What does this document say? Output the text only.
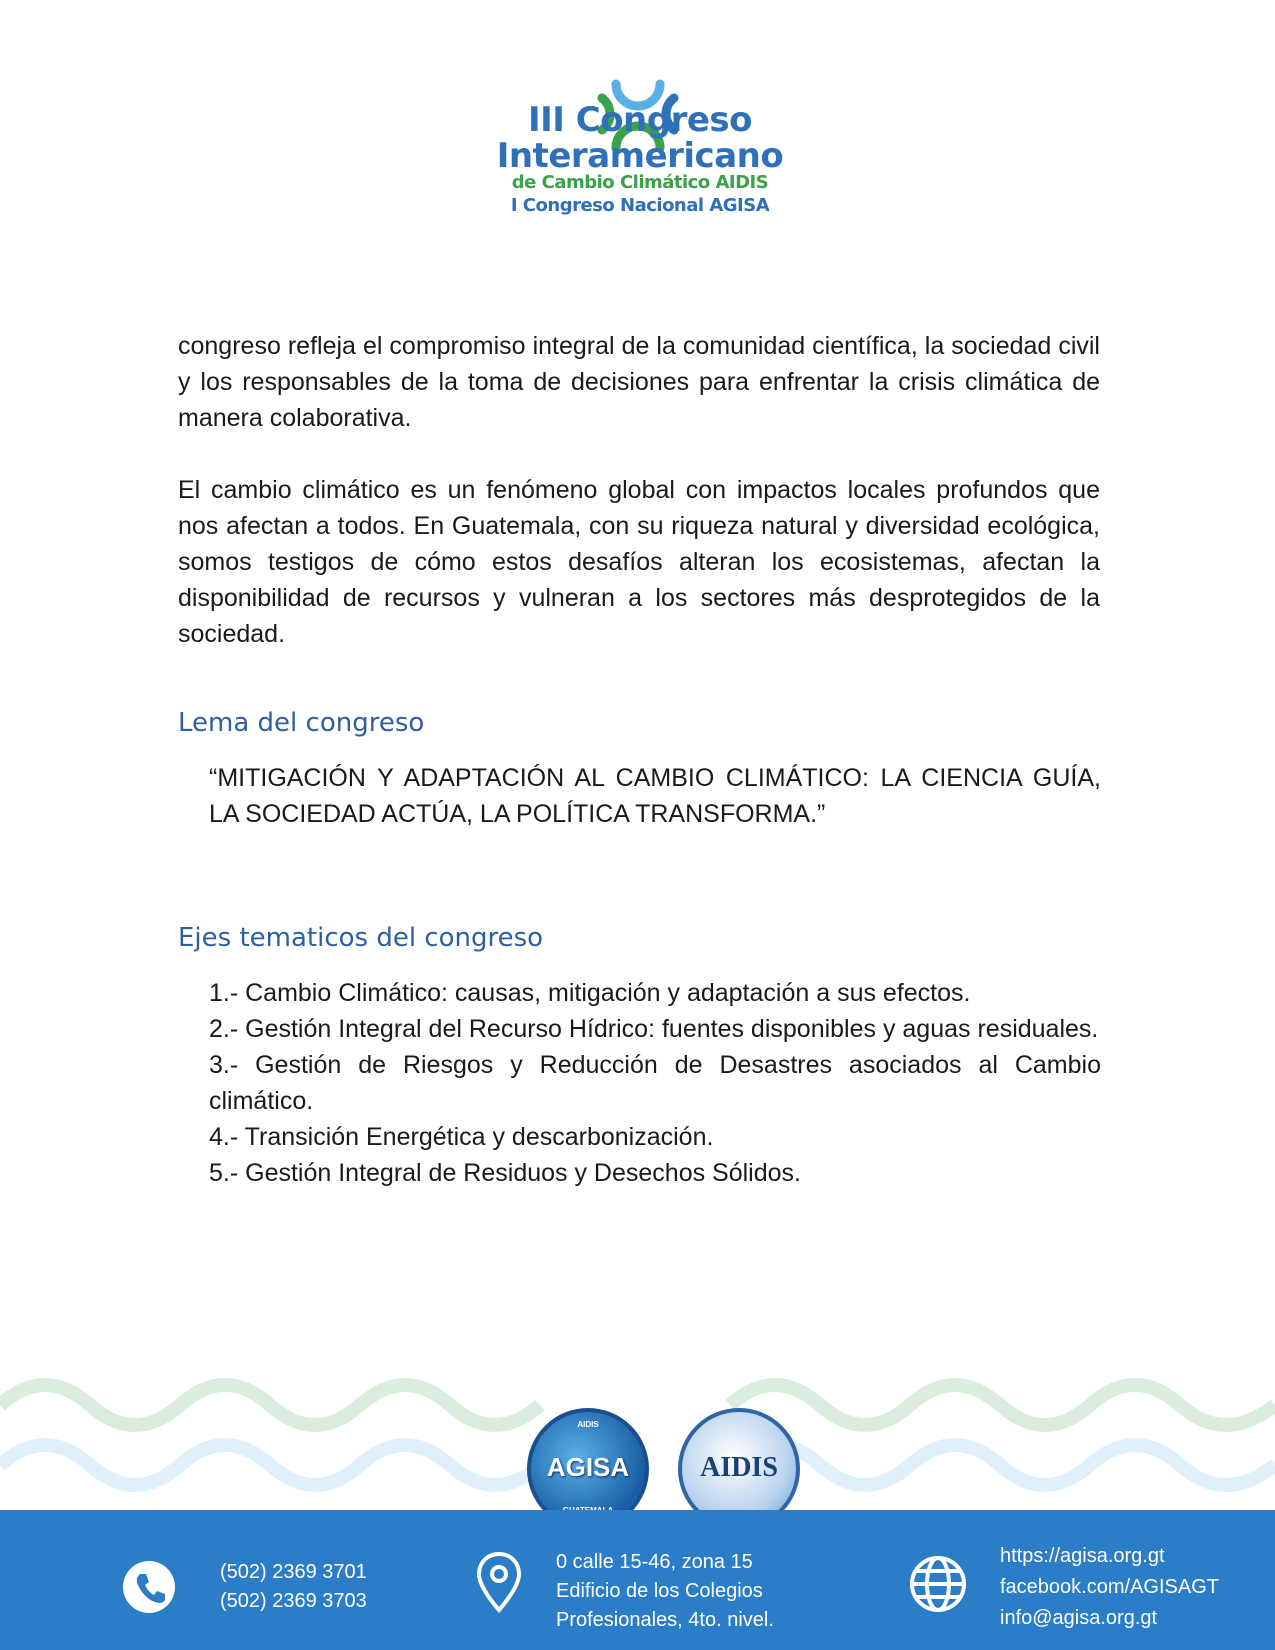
III Congreso
Interamericano
de Cambio Climático AIDIS
I Congreso Nacional AGISA

congreso refleja el compromiso integral de la comunidad científica, la sociedad civil y los responsables de la toma de decisiones para enfrentar la crisis climática de manera colaborativa.

El cambio climático es un fenómeno global con impactos locales profundos que nos afectan a todos. En Guatemala, con su riqueza natural y diversidad ecológica, somos testigos de cómo estos desafíos alteran los ecosistemas, afectan la disponibilidad de recursos y vulneran a los sectores más desprotegidos de la sociedad.

Lema del congreso

“MITIGACIÓN Y ADAPTACIÓN AL CAMBIO CLIMÁTICO: LA CIENCIA GUÍA, LA SOCIEDAD ACTÚA, LA POLÍTICA TRANSFORMA.”

Ejes tematicos del congreso
1.- Cambio Climático: causas, mitigación y adaptación a sus efectos.
2.- Gestión Integral del Recurso Hídrico: fuentes disponibles y aguas residuales.
3.- Gestión de Riesgos y Reducción de Desastres asociados al Cambio climático.
4.- Transición Energética y descarbonización.
5.- Gestión Integral de Residuos y Desechos Sólidos.
AIDIS
AGISA	AIDIS
(502) 2369 3701
(502) 2369 3703
0 calle 15-46, zona 15
Edificio de los Colegios
Profesionales, 4to. nivel.
https://agisa.org.gt
facebook.com/AGISAGT
info@agisa.org.gt
